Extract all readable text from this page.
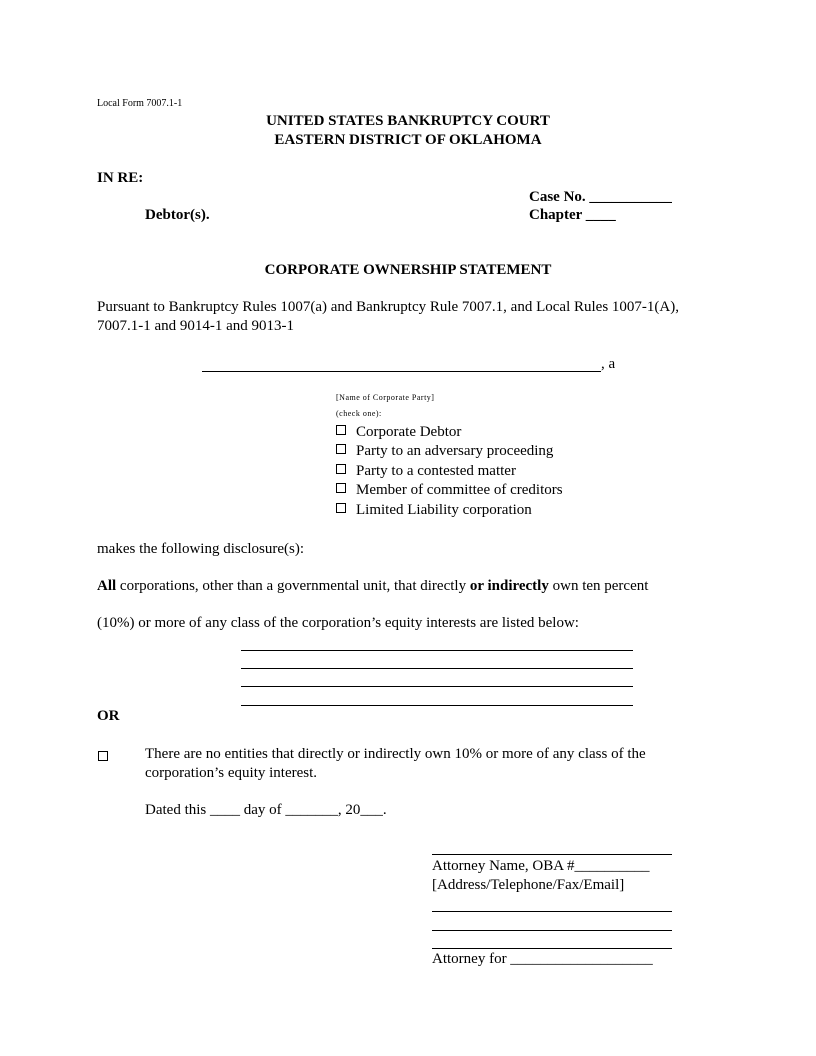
Local Form 7007.1-1
UNITED STATES BANKRUPTCY COURT
EASTERN DISTRICT OF OKLAHOMA
IN RE:
Case No. ___________
Debtor(s).	Chapter ____
CORPORATE OWNERSHIP STATEMENT
Pursuant to Bankruptcy Rules 1007(a) and Bankruptcy Rule 7007.1, and Local Rules 1007-1(A),
7007.1-1 and 9014-1 and 9013-1
, a
[Name of Corporate Party]
(check one):
Corporate Debtor
Party to an adversary proceeding
Party to a contested matter
Member of committee of creditors
Limited Liability corporation
makes the following disclosure(s):
All corporations, other than a governmental unit, that directly or indirectly own ten percent
(10%) or more of any class of the corporation’s equity interests are listed below:
OR
There are no entities that directly or indirectly own 10% or more of any class of the
corporation’s equity interest.
Dated this ____ day of _______, 20___.
Attorney Name, OBA #__________
[Address/Telephone/Fax/Email]
Attorney for ___________________
